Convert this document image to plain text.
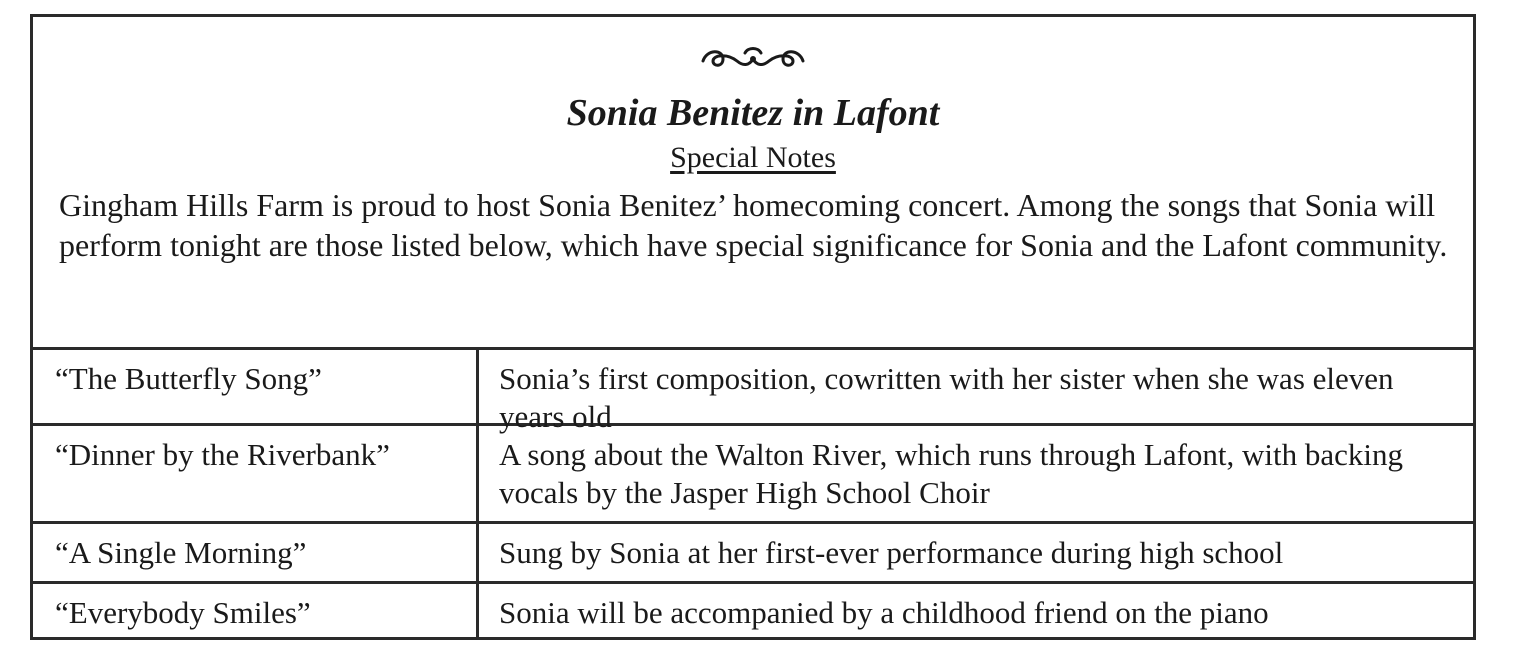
Sonia Benitez in Lafont
Special Notes
Gingham Hills Farm is proud to host Sonia Benitez’ homecoming concert. Among the songs that Sonia will perform tonight are those listed below, which have special significance for Sonia and the Lafont community.
“The Butterfly Song”	Sonia’s first composition, cowritten with her sister when she was eleven years old
“Dinner by the Riverbank”	A song about the Walton River, which runs through Lafont, with backing vocals by the Jasper High School Choir
“A Single Morning”	Sung by Sonia at her first-ever performance during high school
“Everybody Smiles”	Sonia will be accompanied by a childhood friend on the piano
